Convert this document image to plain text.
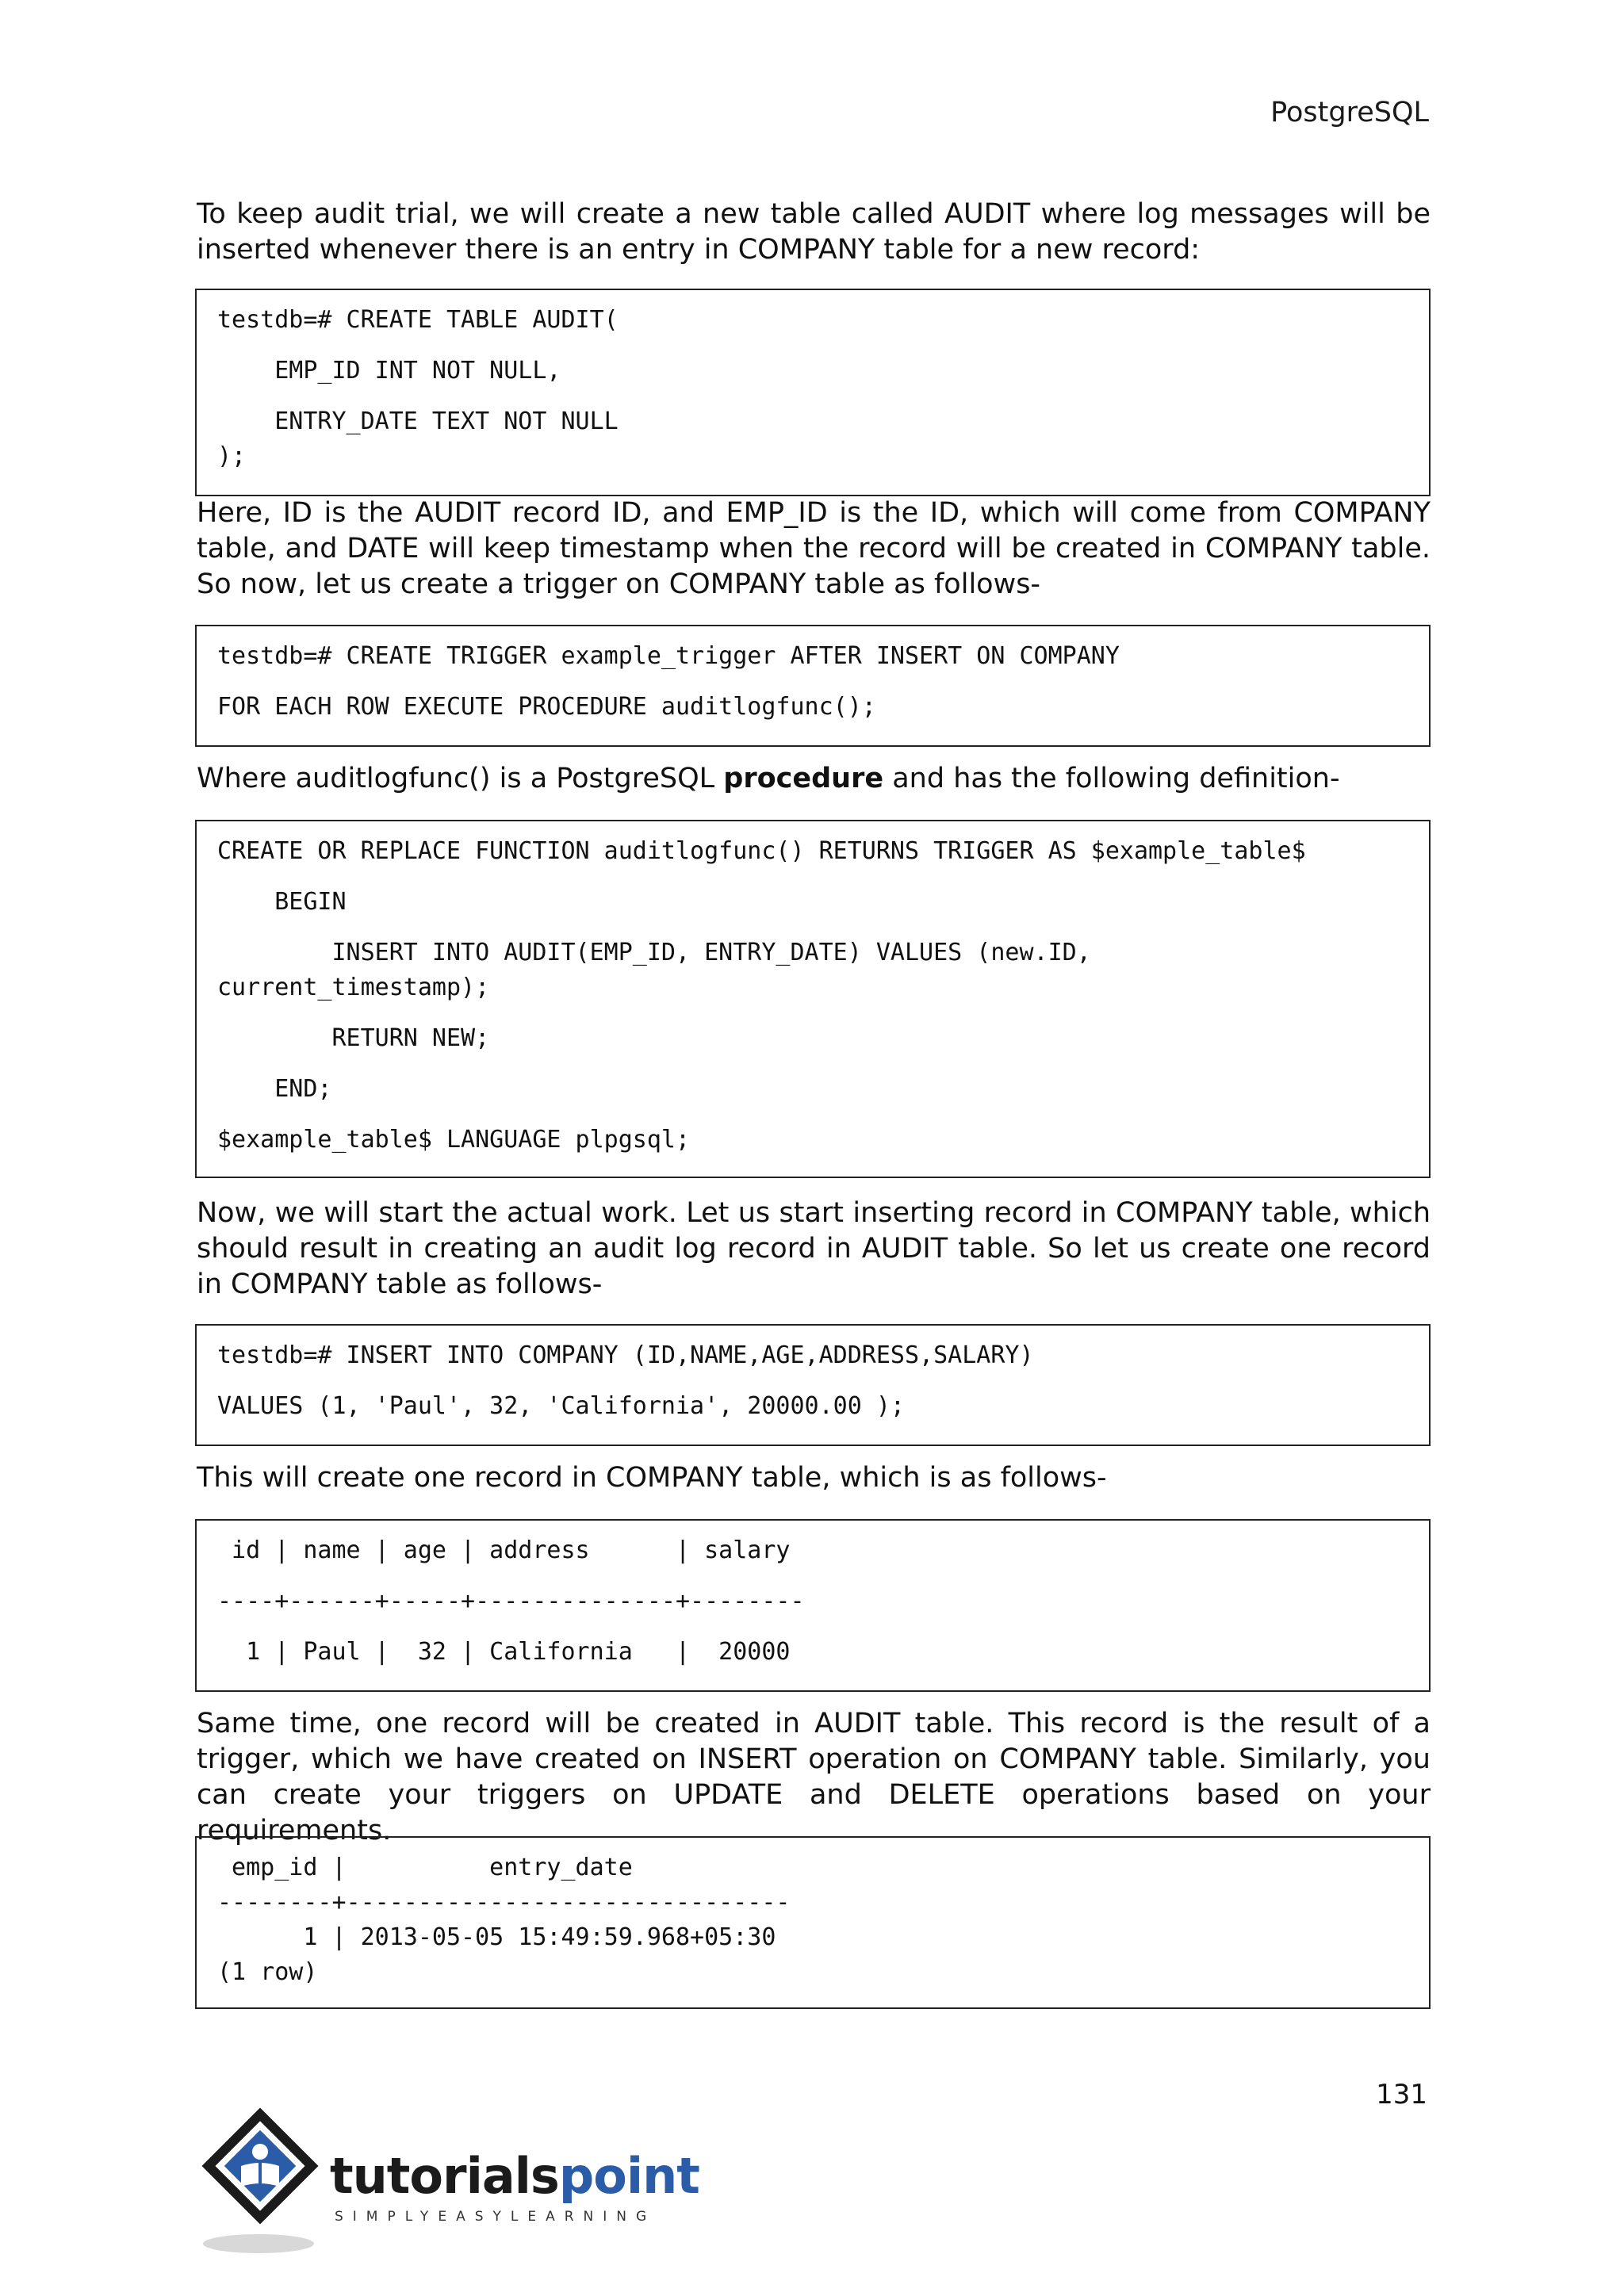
PostgreSQL

To keep audit trial, we will create a new table called AUDIT where log messages will be inserted whenever there is an entry in COMPANY table for a new record:

testdb=# CREATE TABLE AUDIT(
EMP_ID INT NOT NULL,
ENTRY_DATE TEXT NOT NULL
);

Here, ID is the AUDIT record ID, and EMP_ID is the ID, which will come from COMPANY table, and DATE will keep timestamp when the record will be created in COMPANY table. So now, let us create a trigger on COMPANY table as follows-

testdb=# CREATE TRIGGER example_trigger AFTER INSERT ON COMPANY
FOR EACH ROW EXECUTE PROCEDURE auditlogfunc();

Where auditlogfunc() is a PostgreSQL procedure and has the following definition-

CREATE OR REPLACE FUNCTION auditlogfunc() RETURNS TRIGGER AS $example_table$
BEGIN
INSERT INTO AUDIT(EMP_ID, ENTRY_DATE) VALUES (new.ID,
current_timestamp);
RETURN NEW;
END;
$example_table$ LANGUAGE plpgsql;

Now, we will start the actual work. Let us start inserting record in COMPANY table, which should result in creating an audit log record in AUDIT table. So let us create one record in COMPANY table as follows-

testdb=# INSERT INTO COMPANY (ID,NAME,AGE,ADDRESS,SALARY)
VALUES (1, 'Paul', 32, 'California', 20000.00 );

This will create one record in COMPANY table, which is as follows-

id | name | age | address      | salary
----+------+-----+--------------+--------
1 | Paul |  32 | California   |  20000

Same time, one record will be created in AUDIT table. This record is the result of a trigger, which we have created on INSERT operation on COMPANY table. Similarly, you can create your triggers on UPDATE and DELETE operations based on your requirements.

emp_id |          entry_date
--------+-------------------------------
1 | 2013-05-05 15:49:59.968+05:30
(1 row)
131
tutorialspoint
SIMPLYEASYLEARNING
